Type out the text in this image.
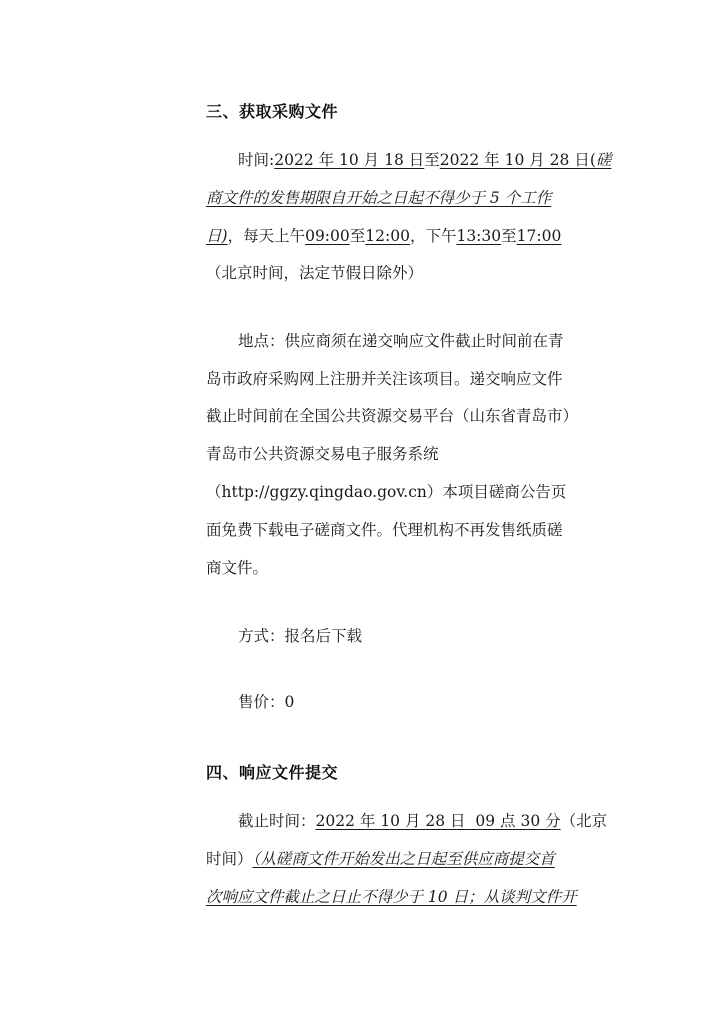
三、获取采购文件
时间:2022 年 10 月 18 日至2022 年 10 月 28 日(磋
商文件的发售期限自开始之日起不得少于 5 个工作
日)，每天上午09:00至12:00，下午13:30至17:00
（北京时间，法定节假日除外）
地点：供应商须在递交响应文件截止时间前在青
岛市政府采购网上注册并关注该项目。递交响应文件
截止时间前在全国公共资源交易平台（山东省青岛市）
青岛市公共资源交易电子服务系统
（http://ggzy.qingdao.gov.cn）本项目磋商公告页
面免费下载电子磋商文件。代理机构不再发售纸质磋
商文件。
方式：报名后下载
售价：0
四、响应文件提交
截止时间：2022 年 10 月 28 日  09 点 30 分（北京
时间）（从磋商文件开始发出之日起至供应商提交首
次响应文件截止之日止不得少于 10 日；从谈判文件开
